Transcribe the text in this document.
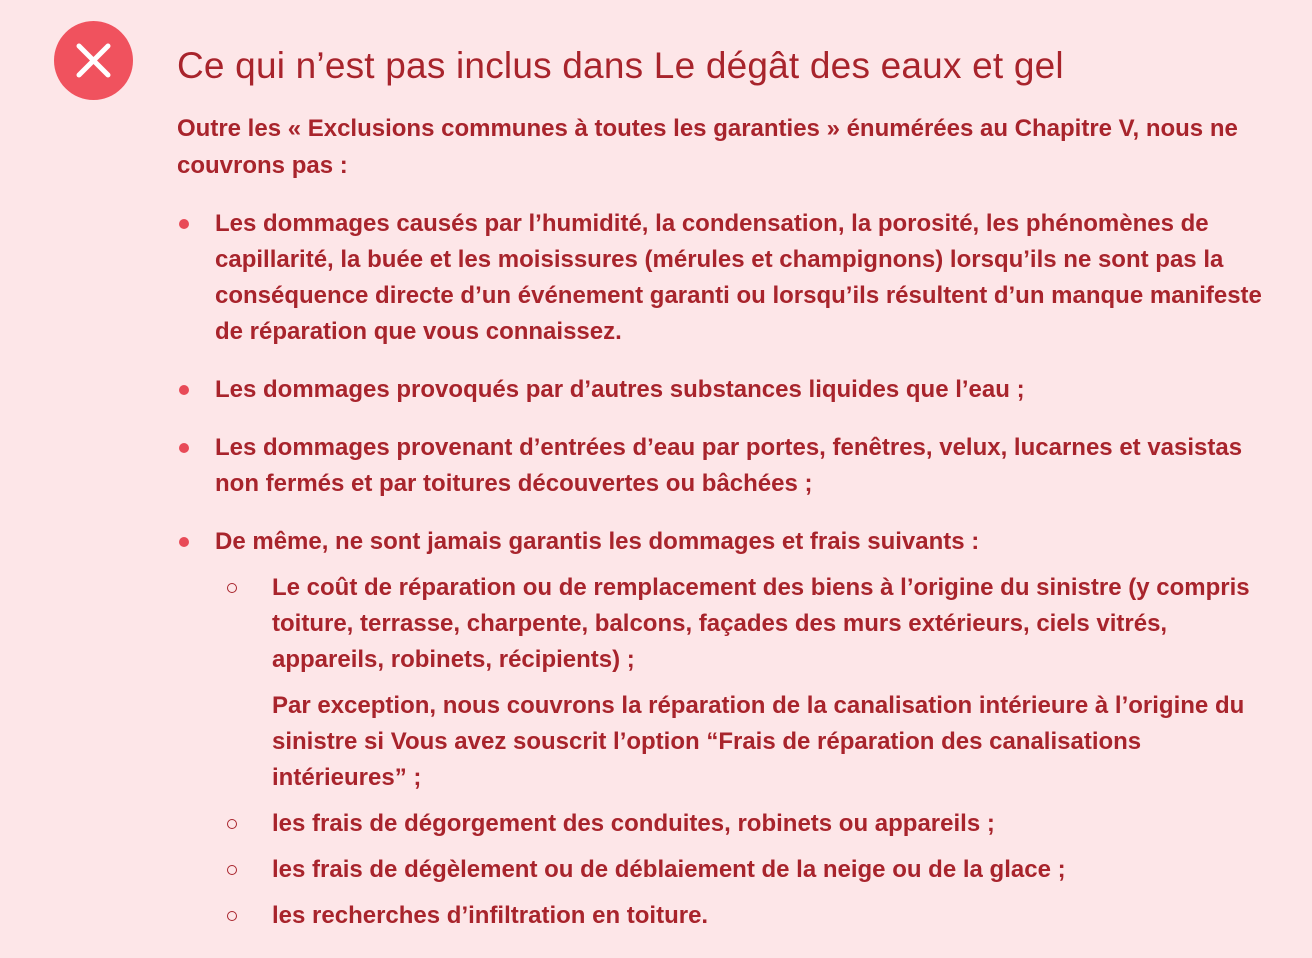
Ce qui n’est pas inclus dans Le dégât des eaux et gel

Outre les « Exclusions communes à toutes les garanties » énumérées au Chapitre V, nous ne couvrons pas :

Les dommages causés par l’humidité, la condensation, la porosité, les phénomènes de capillarité, la buée et les moisissures (mérules et champignons) lorsqu’ils ne sont pas la conséquence directe d’un événement garanti ou lorsqu’ils résultent d’un manque manifeste de réparation que vous connaissez.
Les dommages provoqués par d’autres substances liquides que l’eau ;
Les dommages provenant d’entrées d’eau par portes, fenêtres, velux, lucarnes et vasistas non fermés et par toitures découvertes ou bâchées ;
De même, ne sont jamais garantis les dommages et frais suivants :
Le coût de réparation ou de remplacement des biens à l’origine du sinistre (y compris toiture, terrasse, charpente, balcons, façades des murs extérieurs, ciels vitrés, appareils, robinets, récipients) ;
Par exception, nous couvrons la réparation de la canalisation intérieure à l’origine du sinistre si Vous avez souscrit l’option “Frais de réparation des canalisations intérieures” ;
les frais de dégorgement des conduites, robinets ou appareils ;
les frais de dégèlement ou de déblaiement de la neige ou de la glace ;
les recherches d’infiltration en toiture.
